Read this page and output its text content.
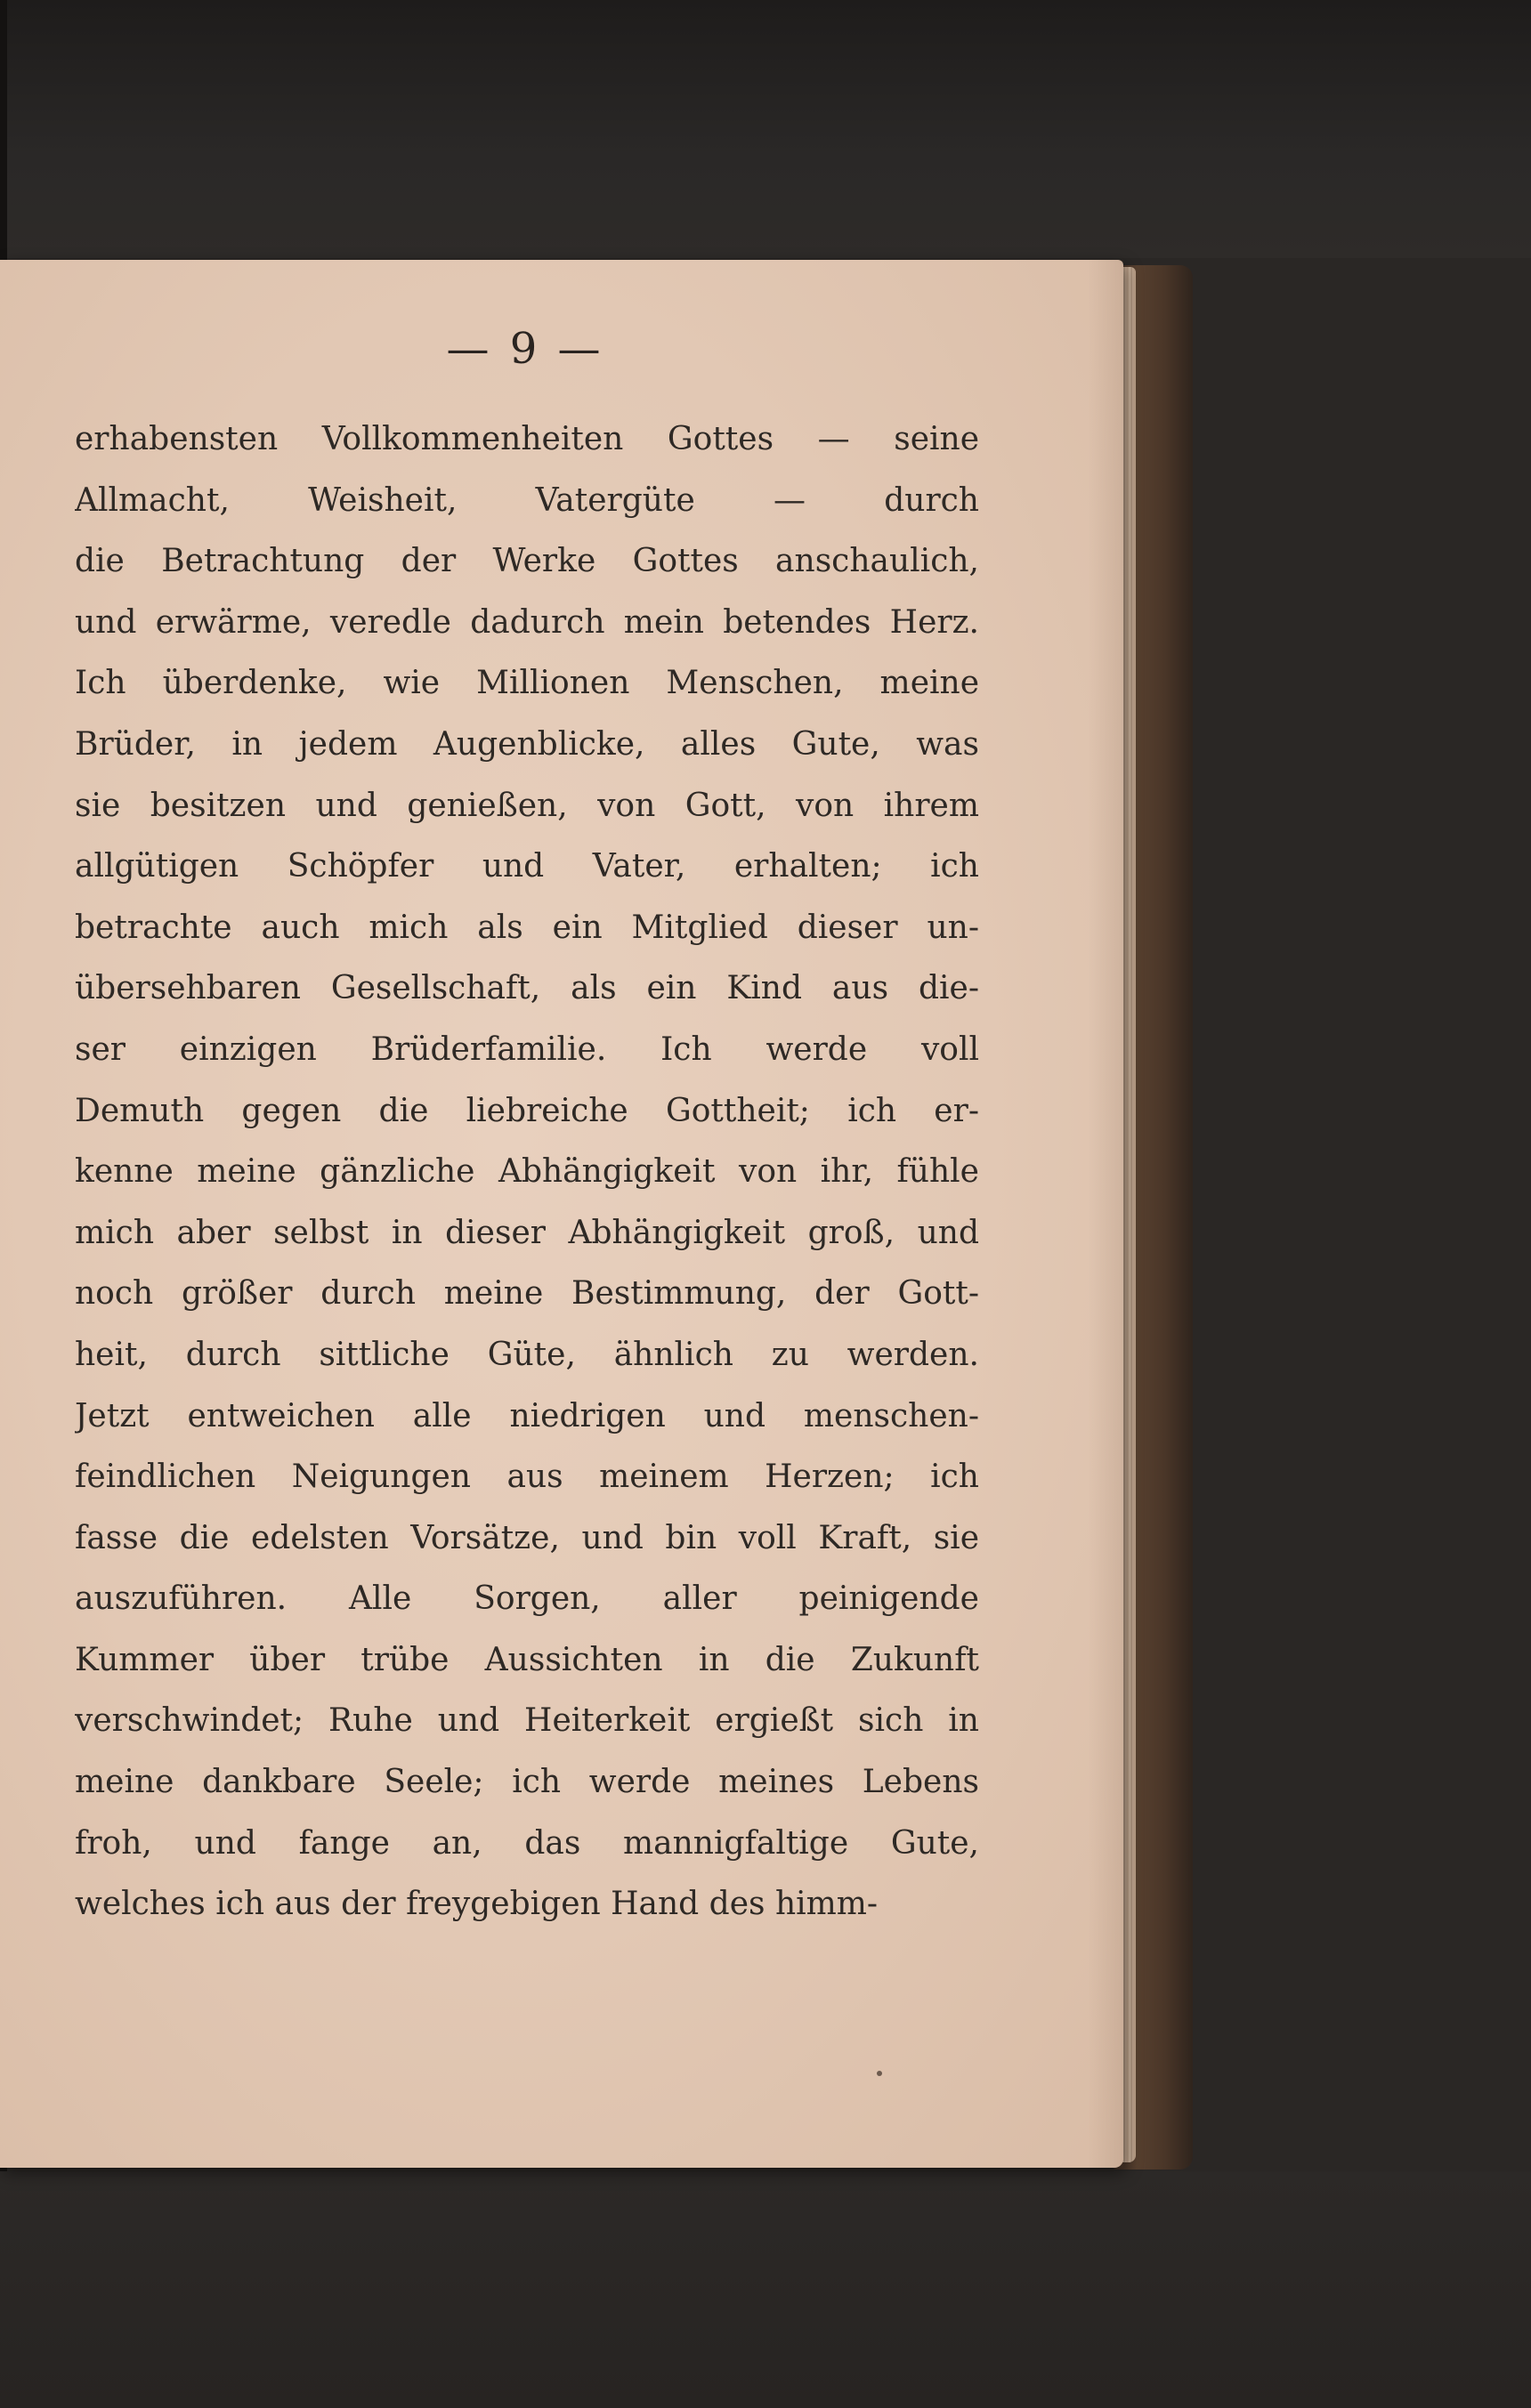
— 9 —
erhabensten Vollkommenheiten Gottes — seine
Allmacht, Weisheit, Vatergüte — durch
die Betrachtung der Werke Gottes anschaulich,
und erwärme, veredle dadurch mein betendes Herz.
Ich überdenke, wie Millionen Menschen, meine
Brüder, in jedem Augenblicke, alles Gute, was
sie besitzen und genießen, von Gott, von ihrem
allgütigen Schöpfer und Vater, erhalten; ich
betrachte auch mich als ein Mitglied dieser un-
übersehbaren Gesellschaft, als ein Kind aus die-
ser einzigen Brüderfamilie. Ich werde voll
Demuth gegen die liebreiche Gottheit; ich er-
kenne meine gänzliche Abhängigkeit von ihr, fühle
mich aber selbst in dieser Abhängigkeit groß, und
noch größer durch meine Bestimmung, der Gott-
heit, durch sittliche Güte, ähnlich zu werden.
Jetzt entweichen alle niedrigen und menschen-
feindlichen Neigungen aus meinem Herzen; ich
fasse die edelsten Vorsätze, und bin voll Kraft, sie
auszuführen. Alle Sorgen, aller peinigende
Kummer über trübe Aussichten in die Zukunft
verschwindet; Ruhe und Heiterkeit ergießt sich in
meine dankbare Seele; ich werde meines Lebens
froh, und fange an, das mannigfaltige Gute,
welches ich aus der freygebigen Hand des himm-
